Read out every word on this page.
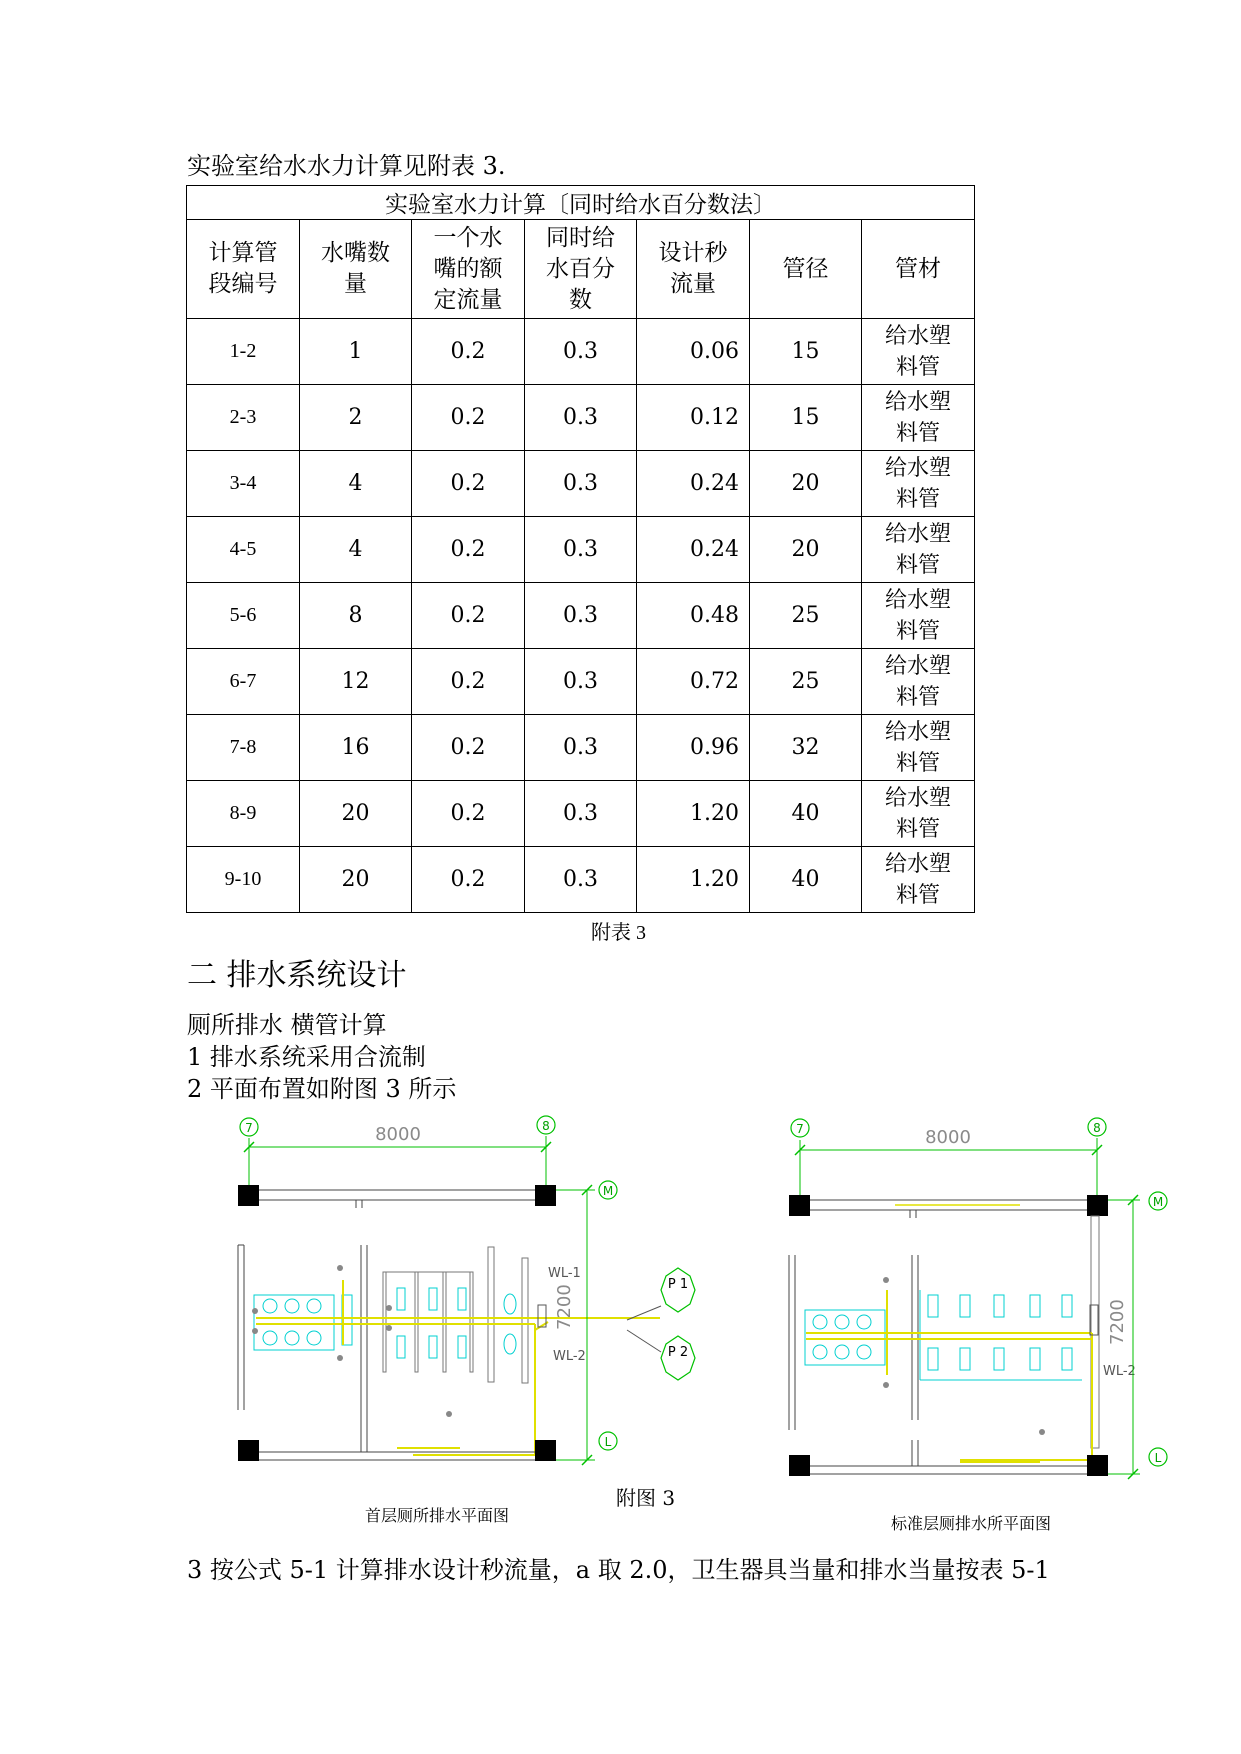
实验室给水水力计算见附表 3.
实验室水力计算〔同时给水百分数法〕						
计算管段编号	水嘴数量	一个水嘴的额定流量	同时给水百分数	设计秒流量	管径	管材
1-2	1	0.2	0.3	0.06	15	给水塑料管
2-3	2	0.2	0.3	0.12	15	给水塑料管
3-4	4	0.2	0.3	0.24	20	给水塑料管
4-5	4	0.2	0.3	0.24	20	给水塑料管
5-6	8	0.2	0.3	0.48	25	给水塑料管
6-7	12	0.2	0.3	0.72	25	给水塑料管
7-8	16	0.2	0.3	0.96	32	给水塑料管
8-9	20	0.2	0.3	1.20	40	给水塑料管
9-10	20	0.2	0.3	1.20	40	给水塑料管
附表 3
二 排水系统设计
厕所排水 横管计算
1 排水系统采用合流制
2 平面布置如附图 3 所示
7	8
8000
WL-1
WL-2
7200	P 1
P 2
M
L
7	8
8000
WL-2
7200
M
L
附图 3
首层厕所排水平面图	标准层厕排水所平面图
3 按公式 5-1 计算排水设计秒流量，a 取 2.0，卫生器具当量和排水当量按表 5-1
